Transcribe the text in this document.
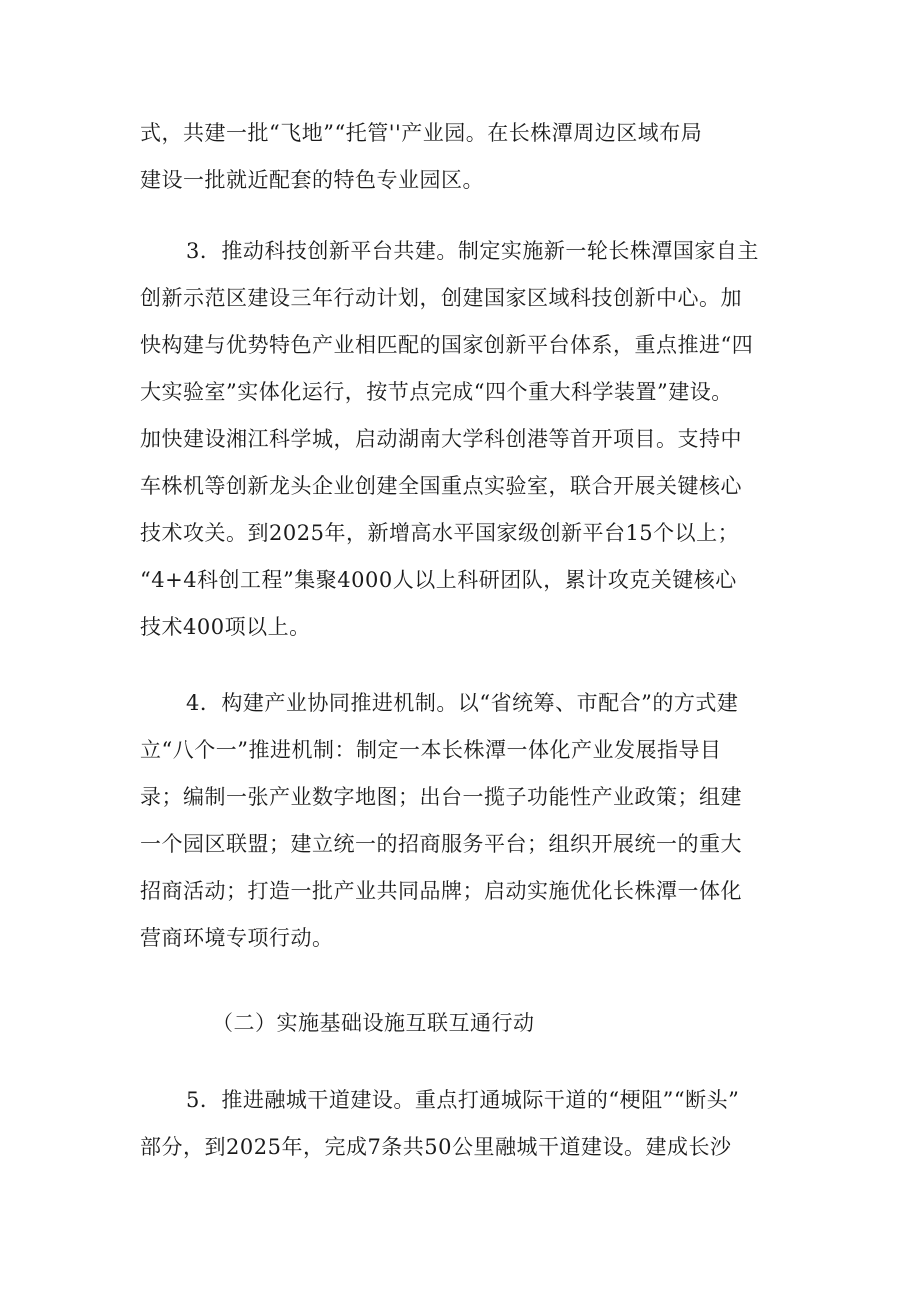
式，共建一批“飞地”“托管''产业园。在长株潭周边区域布局
建设一批就近配套的特色专业园区。
3．推动科技创新平台共建。制定实施新一轮长株潭国家自主
创新示范区建设三年行动计划，创建国家区域科技创新中心。加
快构建与优势特色产业相匹配的国家创新平台体系，重点推进“四
大实验室”实体化运行，按节点完成“四个重大科学装置”建设。
加快建设湘江科学城，启动湖南大学科创港等首开项目。支持中
车株机等创新龙头企业创建全国重点实验室，联合开展关键核心
技术攻关。到2025年，新增高水平国家级创新平台15个以上；
“4+4科创工程”集聚4000人以上科研团队，累计攻克关键核心
技术400项以上。
4．构建产业协同推进机制。以“省统筹、市配合”的方式建
立“八个一”推进机制：制定一本长株潭一体化产业发展指导目
录；编制一张产业数字地图；出台一揽子功能性产业政策；组建
一个园区联盟；建立统一的招商服务平台；组织开展统一的重大
招商活动；打造一批产业共同品牌；启动实施优化长株潭一体化
营商环境专项行动。
（二）实施基础设施互联互通行动
5．推进融城干道建设。重点打通城际干道的“梗阻”“断头”
部分，到2025年，完成7条共50公里融城干道建设。建成长沙
